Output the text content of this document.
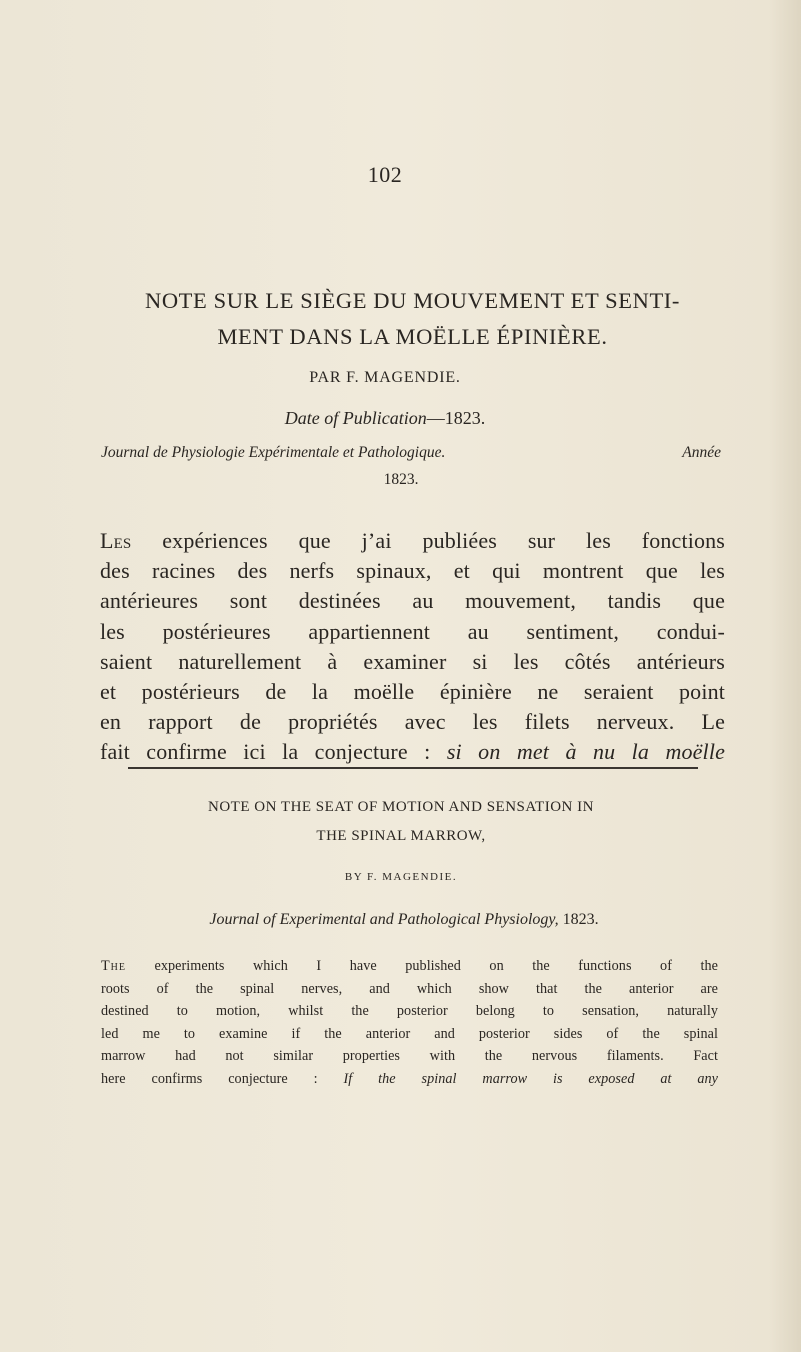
102
NOTE SUR LE SIÈGE DU MOUVEMENT ET SENTI-
MENT DANS LA MOËLLE ÉPINIÈRE.
PAR F. MAGENDIE.
Date of Publication—1823.
Journal de Physiologie Expérimentale et Pathologique.	Année
1823.
Les expériences que j’ai publiées sur les fonctions
des racines des nerfs spinaux, et qui montrent que les
antérieures sont destinées au mouvement, tandis que
les postérieures appartiennent au sentiment, condui-
saient naturellement à examiner si les côtés antérieurs
et postérieurs de la moëlle épinière ne seraient point
en rapport de propriétés avec les filets nerveux. Le
fait confirme ici la conjecture : si on met à nu la moëlle
NOTE ON THE SEAT OF MOTION AND SENSATION IN
THE SPINAL MARROW,
BY F. MAGENDIE.
Journal of Experimental and Pathological Physiology, 1823.
The experiments which I have published on the functions of the
roots of the spinal nerves, and which show that the anterior are
destined to motion, whilst the posterior belong to sensation, naturally
led me to examine if the anterior and posterior sides of the spinal
marrow had not similar properties with the nervous filaments. Fact
here confirms conjecture : If the spinal marrow is exposed at any
